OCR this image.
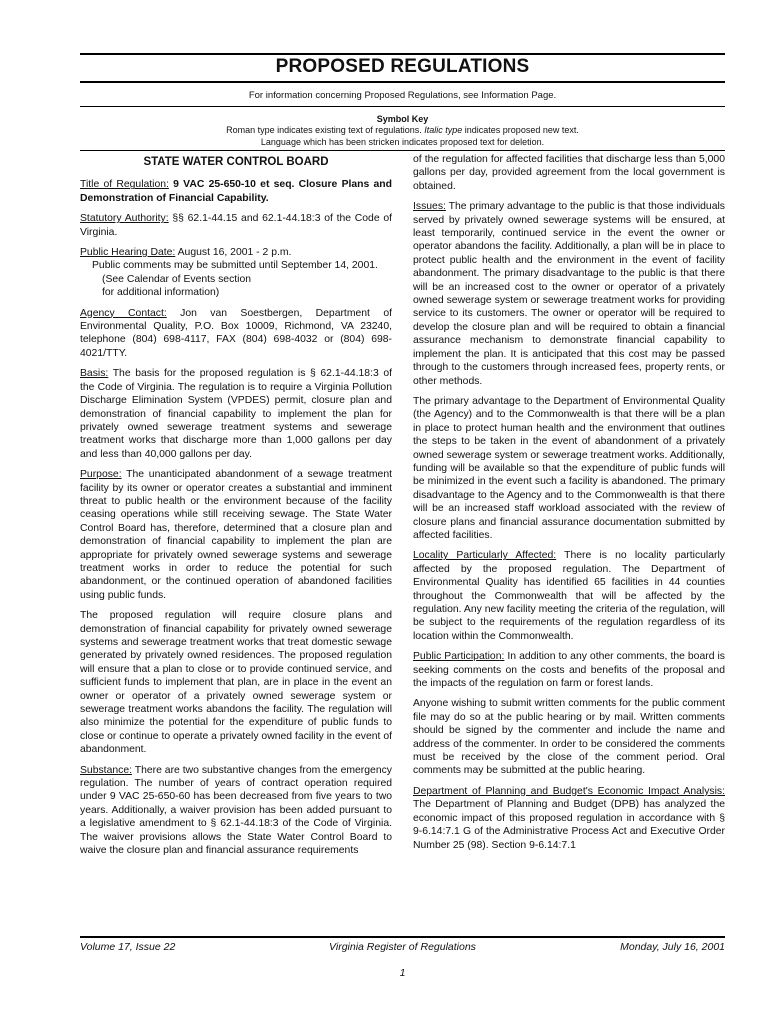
PROPOSED REGULATIONS
For information concerning Proposed Regulations, see Information Page.
Symbol Key
Roman type indicates existing text of regulations. Italic type indicates proposed new text.
Language which has been stricken indicates proposed text for deletion.
STATE WATER CONTROL BOARD

Title of Regulation: 9 VAC 25-650-10 et seq. Closure Plans and Demonstration of Financial Capability.

Statutory Authority: §§ 62.1-44.15 and 62.1-44.18:3 of the Code of Virginia.

Public Hearing Date: August 16, 2001 - 2 p.m.

Public comments may be submitted until September 14, 2001.

(See Calendar of Events section

for additional information)

Agency Contact: Jon van Soestbergen, Department of Environmental Quality, P.O. Box 10009, Richmond, VA 23240, telephone (804) 698-4117, FAX (804) 698-4032 or (804) 698-4021/TTY.

Basis: The basis for the proposed regulation is § 62.1-44.18:3 of the Code of Virginia. The regulation is to require a Virginia Pollution Discharge Elimination System (VPDES) permit, closure plan and demonstration of financial capability to implement the plan for privately owned sewerage treatment systems and sewerage treatment works that discharge more than 1,000 gallons per day and less than 40,000 gallons per day.

Purpose: The unanticipated abandonment of a sewage treatment facility by its owner or operator creates a substantial and imminent threat to public health or the environment because of the facility ceasing operations while still receiving sewage. The State Water Control Board has, therefore, determined that a closure plan and demonstration of financial capability to implement the plan are appropriate for privately owned sewerage systems and sewerage treatment works in order to reduce the potential for such abandonment, or the continued operation of abandoned facilities using public funds.

The proposed regulation will require closure plans and demonstration of financial capability for privately owned sewerage systems and sewerage treatment works that treat domestic sewage generated by privately owned residences. The proposed regulation will ensure that a plan to close or to provide continued service, and sufficient funds to implement that plan, are in place in the event an owner or operator of a privately owned sewerage system or sewerage treatment works abandons the facility. The regulation will also minimize the potential for the expenditure of public funds to close or continue to operate a privately owned facility in the event of abandonment.

Substance: There are two substantive changes from the emergency regulation. The number of years of contract operation required under 9 VAC 25-650-60 has been decreased from five years to two years. Additionally, a waiver provision has been added pursuant to a legislative amendment to § 62.1-44.18:3 of the Code of Virginia. The waiver provisions allows the State Water Control Board to waive the closure plan and financial assurance requirements

of the regulation for affected facilities that discharge less than 5,000 gallons per day, provided agreement from the local government is obtained.

Issues: The primary advantage to the public is that those individuals served by privately owned sewerage systems will be ensured, at least temporarily, continued service in the event the owner or operator abandons the facility. Additionally, a plan will be in place to protect public health and the environment in the event of facility abandonment. The primary disadvantage to the public is that there will be an increased cost to the owner or operator of a privately owned sewerage system or sewerage treatment works for providing service to its customers. The owner or operator will be required to develop the closure plan and will be required to obtain a financial assurance mechanism to demonstrate financial capability to implement the plan. It is anticipated that this cost may be passed through to the customers through increased fees, property rents, or other methods.

The primary advantage to the Department of Environmental Quality (the Agency) and to the Commonwealth is that there will be a plan in place to protect human health and the environment that outlines the steps to be taken in the event of abandonment of a privately owned sewerage system or sewerage treatment works. Additionally, funding will be available so that the expenditure of public funds will be minimized in the event such a facility is abandoned. The primary disadvantage to the Agency and to the Commonwealth is that there will be an increased staff workload associated with the review of closure plans and financial assurance documentation submitted by affected facilities.

Locality Particularly Affected: There is no locality particularly affected by the proposed regulation. The Department of Environmental Quality has identified 65 facilities in 44 counties throughout the Commonwealth that will be affected by the regulation. Any new facility meeting the criteria of the regulation, will be subject to the requirements of the regulation regardless of its location within the Commonwealth.

Public Participation: In addition to any other comments, the board is seeking comments on the costs and benefits of the proposal and the impacts of the regulation on farm or forest lands.

Anyone wishing to submit written comments for the public comment file may do so at the public hearing or by mail. Written comments should be signed by the commenter and include the name and address of the commenter. In order to be considered the comments must be received by the close of the comment period. Oral comments may be submitted at the public hearing.

Department of Planning and Budget's Economic Impact Analysis: The Department of Planning and Budget (DPB) has analyzed the economic impact of this proposed regulation in accordance with § 9-6.14:7.1 G of the Administrative Process Act and Executive Order Number 25 (98). Section 9-6.14:7.1

Volume 17, Issue 22	Virginia Register of Regulations	Monday, July 16, 2001
1
